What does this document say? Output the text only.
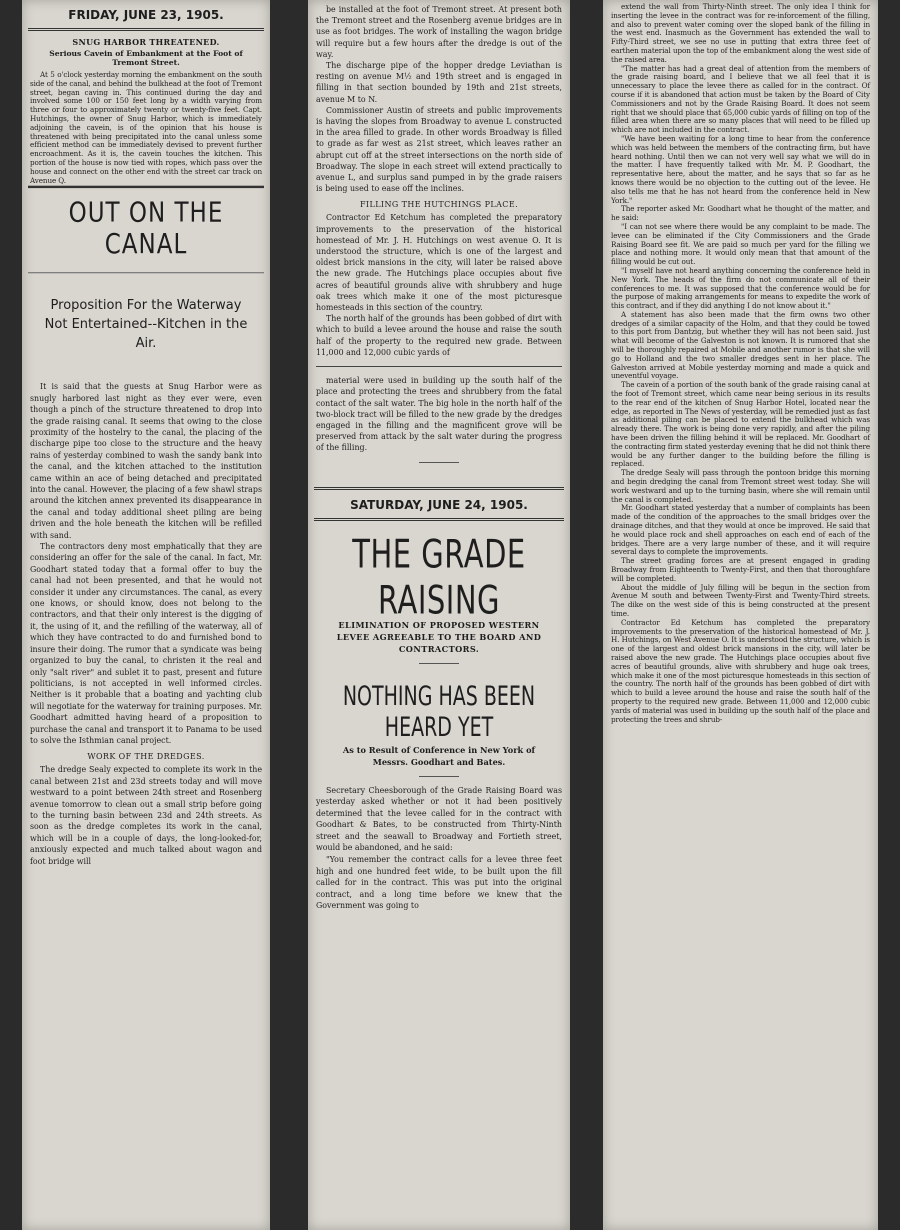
FRIDAY, JUNE 23, 1905.
SNUG HARBOR THREATENED.
Serious Cavein of Embankment at the Foot of Tremont Street.
At 5 o'clock yesterday morning the embankment on the south side of the canal, and behind the bulkhead at the foot of Tremont street, began caving in. This continued during the day and involved some 100 or 150 feet long by a width varying from three or four to approximately twenty or twenty-five feet. Capt. Hutchings, the owner of Snug Harbor, which is immediately adjoining the cavein, is of the opinion that his house is threatened with being precipitated into the canal unless some efficient method can be immediately devised to prevent further encroachment. As it is, the cavein touches the kitchen. This portion of the house is now tied with ropes, which pass over the house and connect on the other end with the street car track on Avenue Q.
OUT ON THE CANAL
Proposition For the Waterway Not Entertained--Kitchen in the Air.
It is said that the guests at Snug Harbor were as snugly harbored last night as they ever were, even though a pinch of the structure threatened to drop into the grade raising canal. It seems that owing to the close proximity of the hostelry to the canal, the placing of the discharge pipe too close to the structure and the heavy rains of yesterday combined to wash the sandy bank into the canal, and the kitchen attached to the institution came within an ace of being detached and precipitated into the canal. However, the placing of a few shawl straps around the kitchen annex prevented its disappearance in the canal and today additional sheet piling are being driven and the hole beneath the kitchen will be refilled with sand.
The contractors deny most emphatically that they are considering an offer for the sale of the canal. In fact, Mr. Goodhart stated today that a formal offer to buy the canal had not been presented, and that he would not consider it under any circumstances. The canal, as every one knows, or should know, does not belong to the contractors, and that their only interest is the digging of it, the using of it, and the refilling of the waterway, all of which they have contracted to do and furnished bond to insure their doing. The rumor that a syndicate was being organized to buy the canal, to christen it the real and only "salt river" and sublet it to past, present and future politicians, is not accepted in well informed circles. Neither is it probable that a boating and yachting club will negotiate for the waterway for training purposes. Mr. Goodhart admitted having heard of a proposition to purchase the canal and transport it to Panama to be used to solve the Isthmian canal project.
WORK OF THE DREDGES.
The dredge Sealy expected to complete its work in the canal between 21st and 23d streets today and will move westward to a point between 24th street and Rosenberg avenue tomorrow to clean out a small strip before going to the turning basin between 23d and 24th streets. As soon as the dredge completes its work in the canal, which will be in a couple of days, the long-looked-for, anxiously expected and much talked about wagon and foot bridge will
be installed at the foot of Tremont street. At present both the Tremont street and the Rosenberg avenue bridges are in use as foot bridges. The work of installing the wagon bridge will require but a few hours after the dredge is out of the way.
The discharge pipe of the hopper dredge Leviathan is resting on avenue M½ and 19th street and is engaged in filling in that section bounded by 19th and 21st streets, avenue M to N.
Commissioner Austin of streets and public improvements is having the slopes from Broadway to avenue L constructed in the area filled to grade. In other words Broadway is filled to grade as far west as 21st street, which leaves rather an abrupt cut off at the street intersections on the north side of Broadway. The slope in each street will extend practically to avenue L, and surplus sand pumped in by the grade raisers is being used to ease off the inclines.
FILLING THE HUTCHINGS PLACE.
Contractor Ed Ketchum has completed the preparatory improvements to the preservation of the historical homestead of Mr. J. H. Hutchings on west avenue O. It is understood the structure, which is one of the largest and oldest brick mansions in the city, will later be raised above the new grade. The Hutchings place occupies about five acres of beautiful grounds alive with shrubbery and huge oak trees which make it one of the most picturesque homesteads in this section of the country.
The north half of the grounds has been gobbed of dirt with which to build a levee around the house and raise the south half of the property to the required new grade. Between 11,000 and 12,000 cubic yards of
material were used in building up the south half of the place and protecting the trees and shrubbery from the fatal contact of the salt water. The big hole in the north half of the two-block tract will be filled to the new grade by the dredges engaged in the filling and the magnificent grove will be preserved from attack by the salt water during the progress of the filling.
SATURDAY, JUNE 24, 1905.
THE GRADE RAISING
ELIMINATION OF PROPOSED WESTERN LEVEE AGREEABLE TO THE BOARD AND CONTRACTORS.
NOTHING HAS BEEN HEARD YET
As to Result of Conference in New York of Messrs. Goodhart and Bates.
Secretary Cheesborough of the Grade Raising Board was yesterday asked whether or not it had been positively determined that the levee called for in the contract with Goodhart & Bates, to be constructed from Thirty-Ninth street and the seawall to Broadway and Fortieth street, would be abandoned, and he said:
"You remember the contract calls for a levee three feet high and one hundred feet wide, to be built upon the fill called for in the contract. This was put into the original contract, and a long time before we knew that the Government was going to
extend the wall from Thirty-Ninth street. The only idea I think for inserting the levee in the contract was for re-inforcement of the filling, and also to prevent water coming over the sloped bank of the filling in the west end. Inasmuch as the Government has extended the wall to Fifty-Third street, we see no use in putting that extra three feet of earthen material upon the top of the embankment along the west side of the raised area.
"The matter has had a great deal of attention from the members of the grade raising board, and I believe that we all feel that it is unnecessary to place the levee there as called for in the contract. Of course if it is abandoned that action must be taken by the Board of City Commissioners and not by the Grade Raising Board. It does not seem right that we should place that 65,000 cubic yards of filling on top of the filled area when there are so many places that will need to be filled up which are not included in the contract.
"We have been waiting for a long time to hear from the conference which was held between the members of the contracting firm, but have heard nothing. Until then we can not very well say what we will do in the matter. I have frequently talked with Mr. M. P. Goodhart, the representative here, about the matter, and he says that so far as he knows there would be no objection to the cutting out of the levee. He also tells me that he has not heard from the conference held in New York."
The reporter asked Mr. Goodhart what he thought of the matter, and he said:
"I can not see where there would be any complaint to be made. The levee can be eliminated if the City Commissioners and the Grade Raising Board see fit. We are paid so much per yard for the filling we place and nothing more. It would only mean that that amount of the filling would be cut out.
"I myself have not heard anything concerning the conference held in New York. The heads of the firm do not communicate all of their conferences to me. It was supposed that the conference would be for the purpose of making arrangements for means to expedite the work of this contract, and if they did anything I do not know about it."
A statement has also been made that the firm owns two other dredges of a similar capacity of the Holm, and that they could be towed to this port from Dantzig, but whether they will has not been said. Just what will become of the Galveston is not known. It is rumored that she will be thoroughly repaired at Mobile and another rumor is that she will go to Holland and the two smaller dredges sent in her place. The Galveston arrived at Mobile yesterday morning and made a quick and uneventful voyage.
The cavein of a portion of the south bank of the grade raising canal at the foot of Tremont street, which came near being serious in its results to the rear end of the kitchen of Snug Harbor Hotel, located near the edge, as reported in The News of yesterday, will be remedied just as fast as additional piling can be placed to extend the bulkhead which was already there. The work is being done very rapidly, and after the piling have been driven the filling behind it will be replaced. Mr. Goodhart of the contracting firm stated yesterday evening that he did not think there would be any further danger to the building before the filling is replaced.
The dredge Sealy will pass through the pontoon bridge this morning and begin dredging the canal from Tremont street west today. She will work westward and up to the turning basin, where she will remain until the canal is completed.
Mr. Goodhart stated yesterday that a number of complaints has been made of the condition of the approaches to the small bridges over the drainage ditches, and that they would at once be improved. He said that he would place rock and shell approaches on each end of each of the bridges. There are a very large number of these, and it will require several days to complete the improvements.
The street grading forces are at present engaged in grading Broadway from Eighteenth to Twenty-First, and then that thoroughfare will be completed.
About the middle of July filling will be begun in the section from Avenue M south and between Twenty-First and Twenty-Third streets. The dike on the west side of this is being constructed at the present time.
Contractor Ed Ketchum has completed the preparatory improvements to the preservation of the historical homestead of Mr. J. H. Hutchings, on West Avenue O. It is understood the structure, which is one of the largest and oldest brick mansions in the city, will later be raised above the new grade. The Hutchings place occupies about five acres of beautiful grounds, alive with shrubbery and huge oak trees, which make it one of the most picturesque homesteads in this section of the country. The north half of the grounds has been gobbed of dirt with which to build a levee around the house and raise the south half of the property to the required new grade. Between 11,000 and 12,000 cubic yards of material was used in building up the south half of the place and protecting the trees and shrub-
